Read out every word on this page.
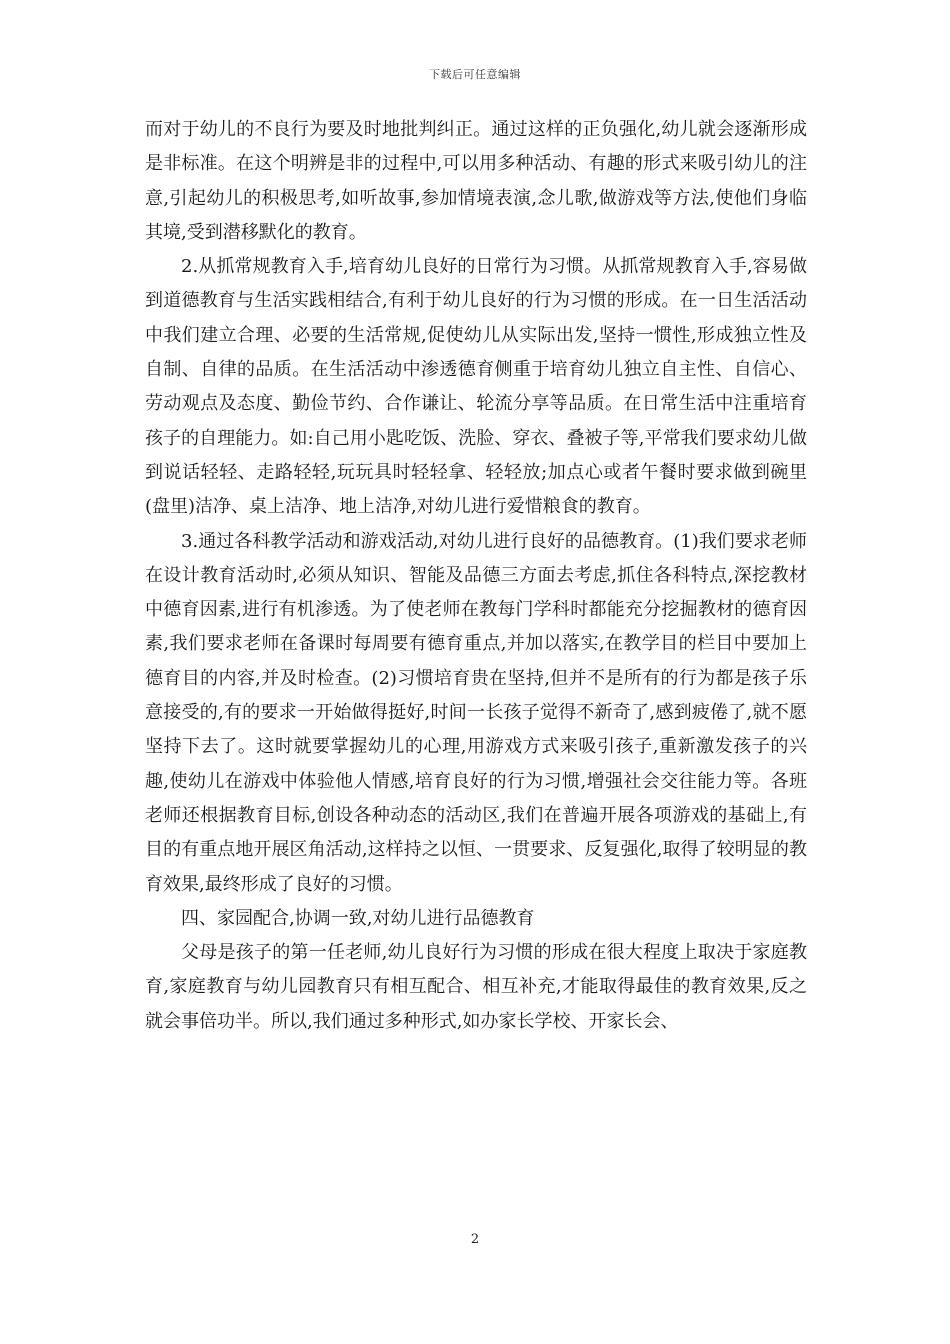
下载后可任意编辑

而对于幼儿的不良行为要及时地批判纠正。通过这样的正负强化,幼儿就会逐渐形成是非标准。在这个明辨是非的过程中,可以用多种活动、有趣的形式来吸引幼儿的注意,引起幼儿的积极思考,如听故事,参加情境表演,念儿歌,做游戏等方法,使他们身临其境,受到潜移默化的教育。

2.从抓常规教育入手,培育幼儿良好的日常行为习惯。从抓常规教育入手,容易做到道德教育与生活实践相结合,有利于幼儿良好的行为习惯的形成。在一日生活活动中我们建立合理、必要的生活常规,促使幼儿从实际出发,坚持一惯性,形成独立性及自制、自律的品质。在生活活动中渗透德育侧重于培育幼儿独立自主性、自信心、劳动观点及态度、勤俭节约、合作谦让、轮流分享等品质。在日常生活中注重培育孩子的自理能力。如:自己用小匙吃饭、洗脸、穿衣、叠被子等,平常我们要求幼儿做到说话轻轻、走路轻轻,玩玩具时轻轻拿、轻轻放;加点心或者午餐时要求做到碗里(盘里)洁净、桌上洁净、地上洁净,对幼儿进行爱惜粮食的教育。

3.通过各科教学活动和游戏活动,对幼儿进行良好的品德教育。(1)我们要求老师在设计教育活动时,必须从知识、智能及品德三方面去考虑,抓住各科特点,深挖教材中德育因素,进行有机渗透。为了使老师在教每门学科时都能充分挖掘教材的德育因素,我们要求老师在备课时每周要有德育重点,并加以落实,在教学目的栏目中要加上德育目的内容,并及时检查。(2)习惯培育贵在坚持,但并不是所有的行为都是孩子乐意接受的,有的要求一开始做得挺好,时间一长孩子觉得不新奇了,感到疲倦了,就不愿坚持下去了。这时就要掌握幼儿的心理,用游戏方式来吸引孩子,重新激发孩子的兴趣,使幼儿在游戏中体验他人情感,培育良好的行为习惯,增强社会交往能力等。各班老师还根据教育目标,创设各种动态的活动区,我们在普遍开展各项游戏的基础上,有目的有重点地开展区角活动,这样持之以恒、一贯要求、反复强化,取得了较明显的教育效果,最终形成了良好的习惯。

四、家园配合,协调一致,对幼儿进行品德教育

父母是孩子的第一任老师,幼儿良好行为习惯的形成在很大程度上取决于家庭教育,家庭教育与幼儿园教育只有相互配合、相互补充,才能取得最佳的教育效果,反之就会事倍功半。所以,我们通过多种形式,如办家长学校、开家长会、

2
